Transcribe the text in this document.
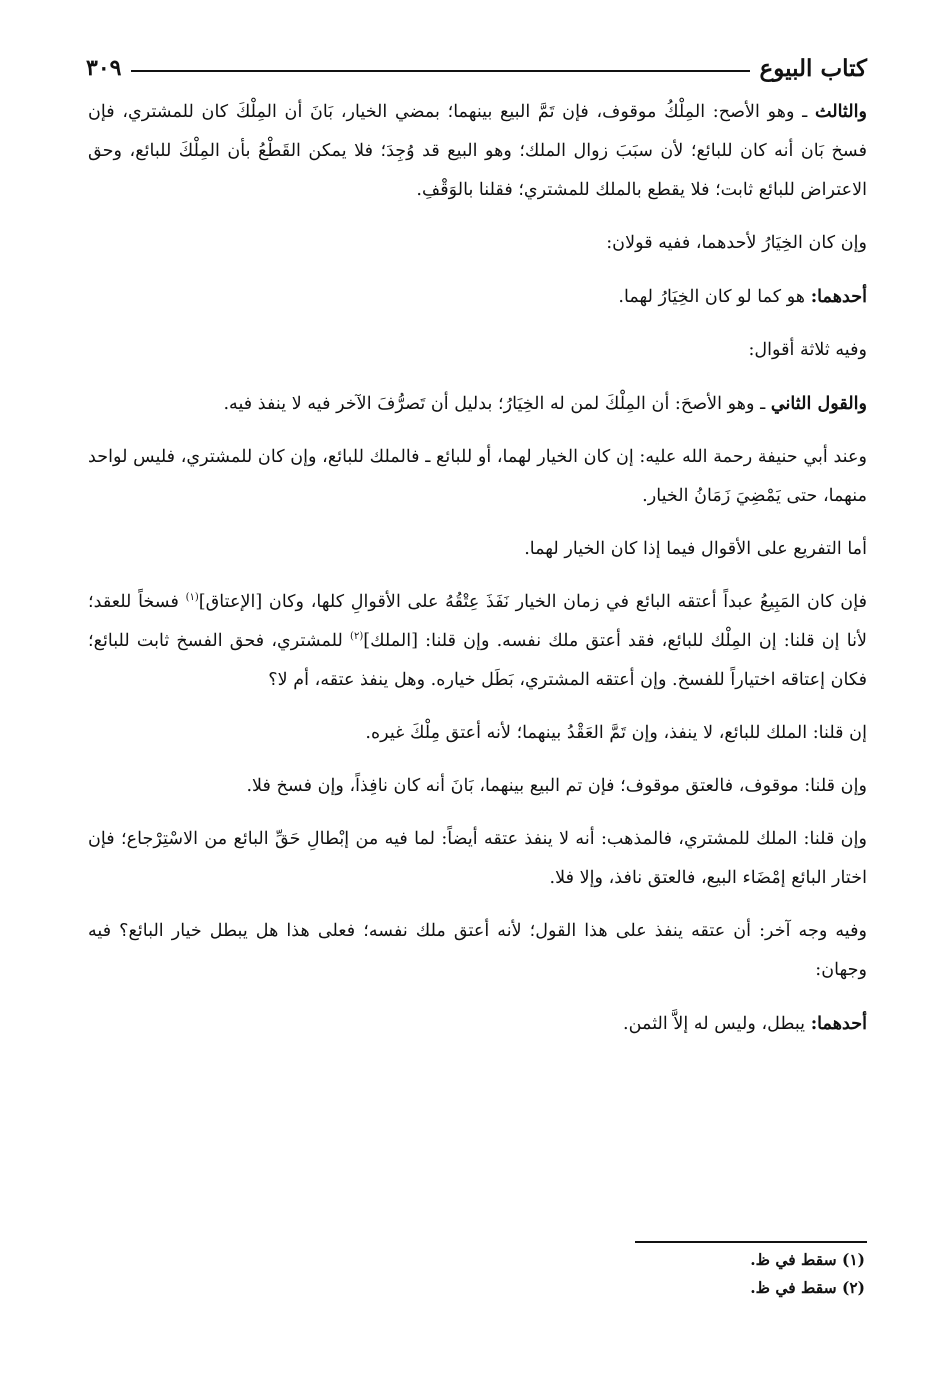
كتاب البيوع
٣٠٩

والثالث ـ وهو الأصح: المِلْكُ موقوف، فإن تَمَّ البيع بينهما؛ بمضي الخيار، بَانَ أن المِلْكَ كان للمشتري، فإن فسخ بَان أنه كان للبائع؛ لأن سبَبَ زوال الملك؛ وهو البيع قد وُجِدَ؛ فلا يمكن القَطْعُ بأن المِلْكَ للبائع، وحق الاعتراض للبائع ثابت؛ فلا يقطع بالملك للمشتري؛ فقلنا بالوَقْفِ.

وإن كان الخِيَارُ لأحدهما، ففيه قولان:

أحدهما: هو كما لو كان الخِيَارُ لهما.

وفيه ثلاثة أقوال:

والقول الثاني ـ وهو الأصحَ: أن المِلْكَ لمن له الخِيَارُ؛ بدليل أن تَصرُّفَ الآخر فيه لا ينفذ فيه.

وعند أبي حنيفة رحمة الله عليه: إن كان الخيار لهما، أو للبائع ـ فالملك للبائع، وإن كان للمشتري، فليس لواحد منهما، حتى يَمْضِيَ زَمَانُ الخيار.

أما التفريع على الأقوال فيما إذا كان الخيار لهما.

فإن كان المَبِيعُ عبداً أعتقه البائع في زمان الخيار نَفَذَ عِتْقُهُ على الأقوالِ كلها، وكان [الإعتاق]$^{(١)}$ فسخاً للعقد؛ لأنا إن قلنا: إن المِلْك للبائع، فقد أعتق ملك نفسه. وإن قلنا: [الملك]$^{(٢)}$ للمشتري، فحق الفسخ ثابت للبائع؛ فكان إعتاقه اختياراً للفسخ. وإن أعتقه المشتري، بَطَل خياره. وهل ينفذ عتقه، أم لا؟

إن قلنا: الملك للبائع، لا ينفذ، وإن تَمَّ العَقْدُ بينهما؛ لأنه أعتق مِلْكَ غيره.

وإن قلنا: موقوف، فالعتق موقوف؛ فإن تم البيع بينهما، بَانَ أنه كان نافِذاً، وإن فسخ فلا.

وإن قلنا: الملك للمشتري، فالمذهب: أنه لا ينفذ عتقه أيضاً: لما فيه من إبْطالِ حَقِّ البائع من الاسْتِرْجاع؛ فإن اختار البائع إمْضَاء البيع، فالعتق نافذ، وإلا فلا.

وفيه وجه آخر: أن عتقه ينفذ على هذا القول؛ لأنه أعتق ملك نفسه؛ فعلى هذا هل يبطل خيار البائع؟ فيه وجهان:

أحدهما: يبطل، وليس له إلاَّ الثمن.

(١) سقط في ظ.
(٢) سقط في ظ.
